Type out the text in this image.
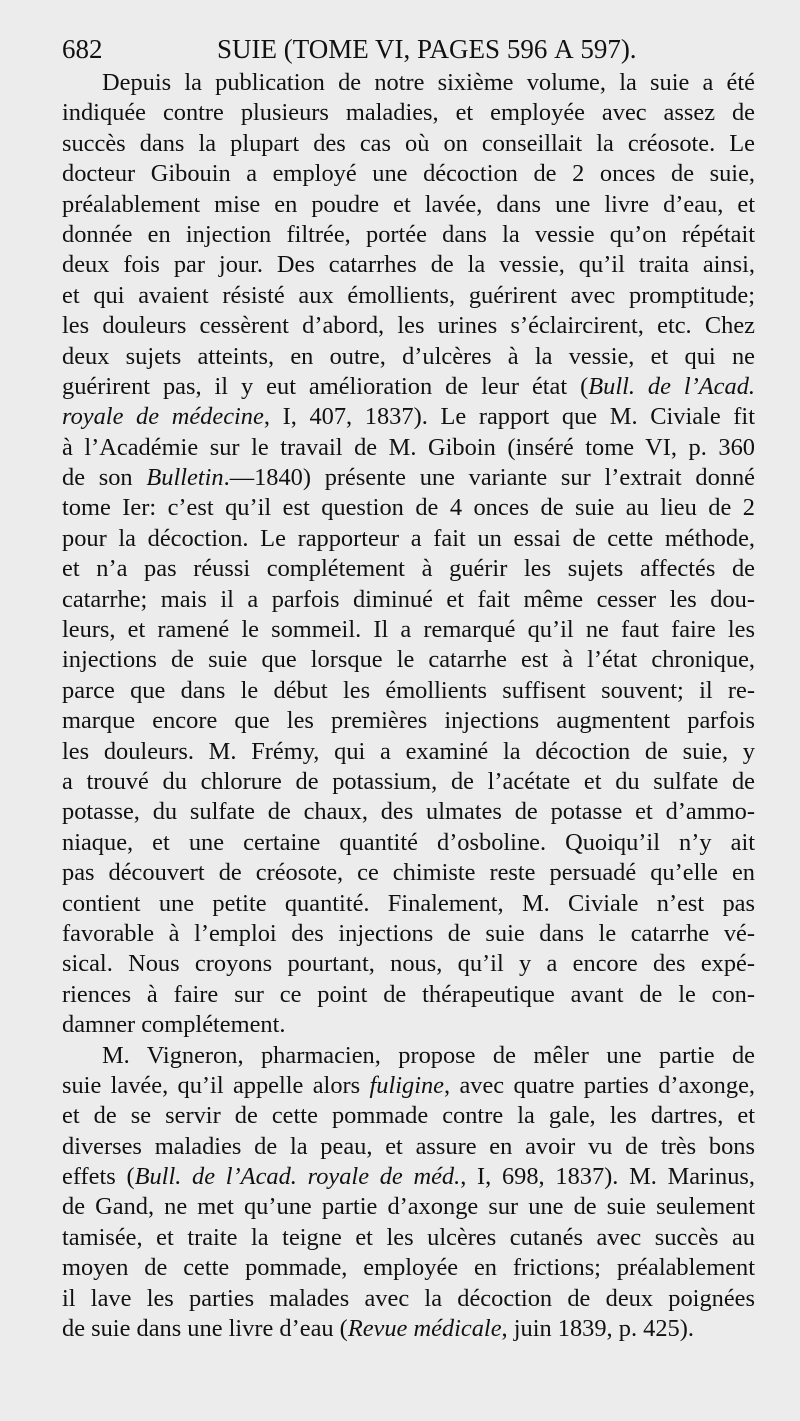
682	SUIE (TOME VI, PAGES 596 A 597).
Depuis la publication de notre sixième volume, la suie a été
indiquée contre plusieurs maladies, et employée avec assez de
succès dans la plupart des cas où on conseillait la créosote. Le
docteur Gibouin a employé une décoction de 2 onces de suie,
préalablement mise en poudre et lavée, dans une livre d’eau, et
donnée en injection filtrée, portée dans la vessie qu’on répétait
deux fois par jour. Des catarrhes de la vessie, qu’il traita ainsi,
et qui avaient résisté aux émollients, guérirent avec promptitude;
les douleurs cessèrent d’abord, les urines s’éclaircirent, etc. Chez
deux sujets atteints, en outre, d’ulcères à la vessie, et qui ne
guérirent pas, il y eut amélioration de leur état (Bull. de l’Acad.
royale de médecine, I, 407, 1837). Le rapport que M. Civiale fit
à l’Académie sur le travail de M. Giboin (inséré tome VI, p. 360
de son Bulletin.—1840) présente une variante sur l’extrait donné
tome Ier: c’est qu’il est question de 4 onces de suie au lieu de 2
pour la décoction. Le rapporteur a fait un essai de cette méthode,
et n’a pas réussi complétement à guérir les sujets affectés de
catarrhe; mais il a parfois diminué et fait même cesser les dou-
leurs, et ramené le sommeil. Il a remarqué qu’il ne faut faire les
injections de suie que lorsque le catarrhe est à l’état chronique,
parce que dans le début les émollients suffisent souvent; il re-
marque encore que les premières injections augmentent parfois
les douleurs. M. Frémy, qui a examiné la décoction de suie, y
a trouvé du chlorure de potassium, de l’acétate et du sulfate de
potasse, du sulfate de chaux, des ulmates de potasse et d’ammo-
niaque, et une certaine quantité d’osboline. Quoiqu’il n’y ait
pas découvert de créosote, ce chimiste reste persuadé qu’elle en
contient une petite quantité. Finalement, M. Civiale n’est pas
favorable à l’emploi des injections de suie dans le catarrhe vé-
sical. Nous croyons pourtant, nous, qu’il y a encore des expé-
riences à faire sur ce point de thérapeutique avant de le con-
damner complétement.
M. Vigneron, pharmacien, propose de mêler une partie de
suie lavée, qu’il appelle alors fuligine, avec quatre parties d’axonge,
et de se servir de cette pommade contre la gale, les dartres, et
diverses maladies de la peau, et assure en avoir vu de très bons
effets (Bull. de l’Acad. royale de méd., I, 698, 1837). M. Marinus,
de Gand, ne met qu’une partie d’axonge sur une de suie seulement
tamisée, et traite la teigne et les ulcères cutanés avec succès au
moyen de cette pommade, employée en frictions; préalablement
il lave les parties malades avec la décoction de deux poignées
de suie dans une livre d’eau (Revue médicale, juin 1839, p. 425).
